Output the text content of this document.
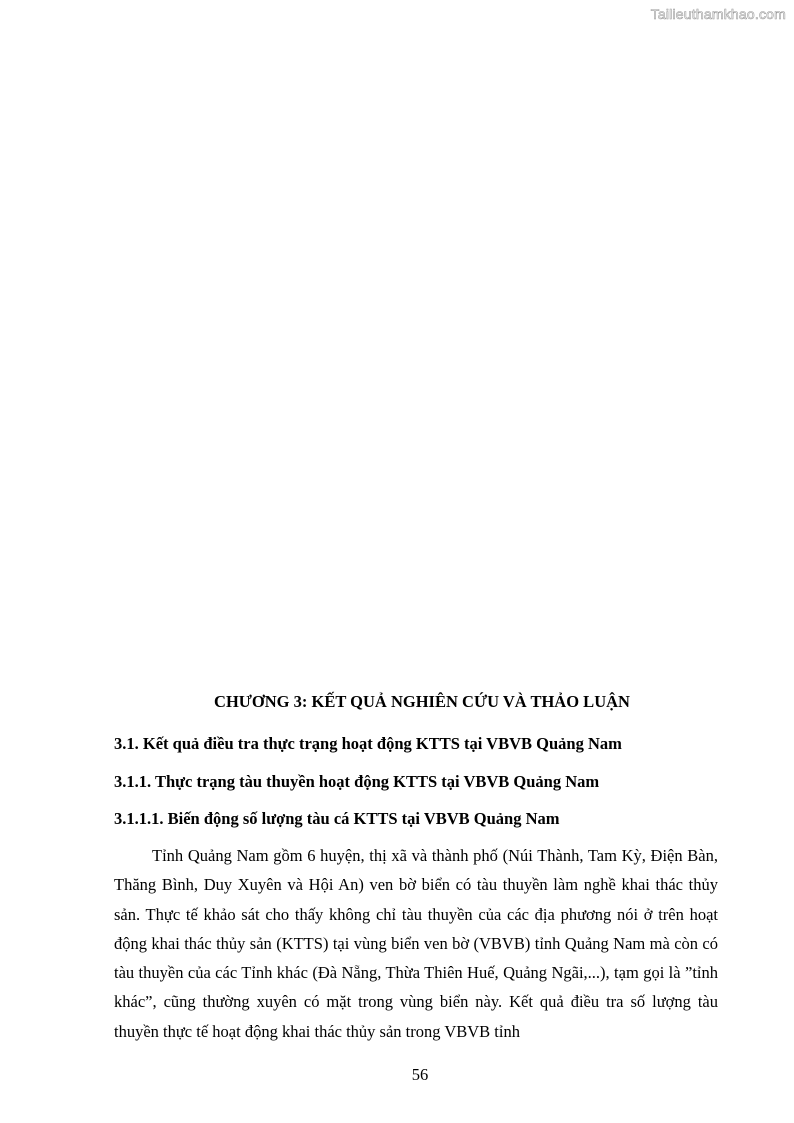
Tailieuthamkhao.com

CHƯƠNG 3: KẾT QUẢ NGHIÊN CỨU VÀ THẢO LUẬN

3.1. Kết quả điều tra thực trạng hoạt động KTTS tại VBVB Quảng Nam

3.1.1. Thực trạng tàu thuyền hoạt động KTTS tại VBVB Quảng Nam

3.1.1.1. Biến động số lượng tàu cá KTTS tại VBVB Quảng Nam

Tỉnh Quảng Nam gồm 6 huyện, thị xã và thành phố (Núi Thành, Tam Kỳ, Điện Bàn, Thăng Bình, Duy Xuyên và Hội An) ven bờ biển có tàu thuyền làm nghề khai thác thủy sản. Thực tế khảo sát cho thấy không chỉ tàu thuyền của các địa phương nói ở trên hoạt động khai thác thủy sản (KTTS) tại vùng biển ven bờ (VBVB) tỉnh Quảng Nam mà còn có tàu thuyền của các Tỉnh khác (Đà Nẵng, Thừa Thiên Huế, Quảng Ngãi,...), tạm gọi là ”tỉnh khác”, cũng thường xuyên có mặt trong vùng biển này. Kết quả điều tra số lượng tàu thuyền thực tế hoạt động khai thác thủy sản trong VBVB tỉnh

56
